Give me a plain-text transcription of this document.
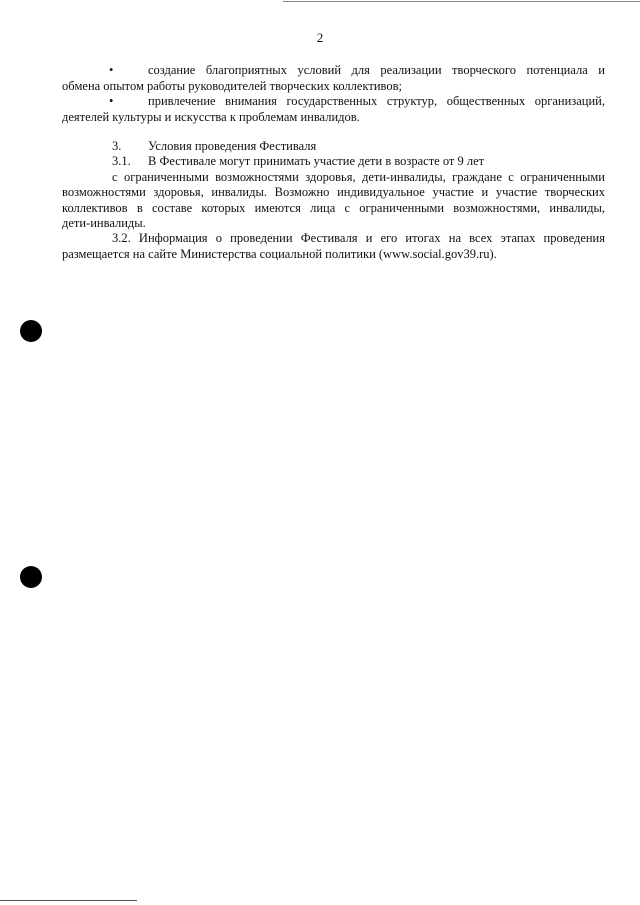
2
•	создание благоприятных условий для реализации творческого потенциала и
обмена опытом работы руководителей творческих коллективов;
•	привлечение внимания государственных структур, общественных организаций,
деятелей культуры и искусства к проблемам инвалидов.
3.	Условия проведения Фестиваля
3.1.	В Фестивале могут принимать участие дети в возрасте от 9 лет
с ограниченными возможностями здоровья, дети-инвалиды, граждане с ограниченными
возможностями здоровья, инвалиды. Возможно индивидуальное участие и участие творческих
коллективов в составе которых имеются лица с ограниченными возможностями, инвалиды,
дети-инвалиды.
3.2. Информация о проведении Фестиваля и его итогах на всех этапах проведения
размещается на сайте Министерства социальной политики (www.social.gov39.ru).
